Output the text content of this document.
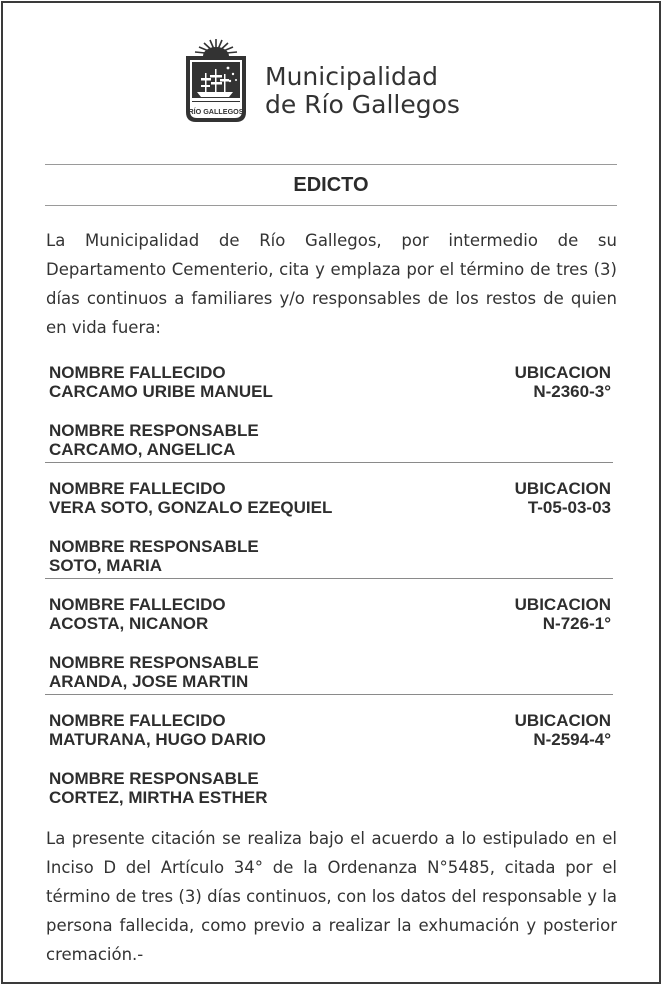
RÍO GALLEGOS
Municipalidad
de Río Gallegos
EDICTO
La Municipalidad de Río Gallegos, por intermedio de su Departamento Cementerio, cita y emplaza por el término de tres (3) días continuos a familiares y/o responsables de los restos de quien en vida fuera:
NOMBRE FALLECIDO	UBICACION
CARCAMO URIBE MANUEL	N-2360-3°
NOMBRE RESPONSABLE
CARCAMO, ANGELICA
NOMBRE FALLECIDO	UBICACION
VERA SOTO, GONZALO EZEQUIEL	T-05-03-03
NOMBRE RESPONSABLE
SOTO, MARIA
NOMBRE FALLECIDO	UBICACION
ACOSTA, NICANOR	N-726-1°
NOMBRE RESPONSABLE
ARANDA, JOSE MARTIN
NOMBRE FALLECIDO	UBICACION
MATURANA, HUGO DARIO	N-2594-4°
NOMBRE RESPONSABLE
CORTEZ, MIRTHA ESTHER
La presente citación se realiza bajo el acuerdo a lo estipulado en el Inciso D del Artículo 34° de la Ordenanza N°5485, citada por el término de tres (3) días continuos, con los datos del responsable y la persona fallecida, como previo a realizar la exhumación y posterior cremación.-
